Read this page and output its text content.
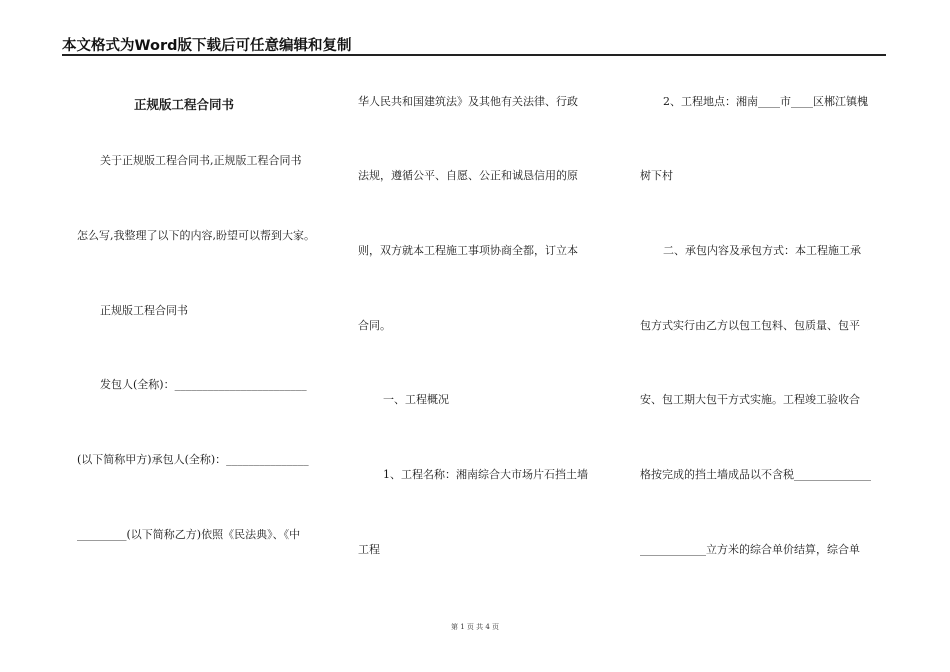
本文格式为Word版下载后可任意编辑和复制
正规版工程合同书
关于正规版工程合同书,正规版工程合同书
怎么写,我整理了以下的内容,盼望可以帮到大家。
正规版工程合同书
发包人(全称)：________________________
(以下简称甲方)承包人(全称)：_______________
_________(以下简称乙方)依照《民法典》、《中
华人民共和国建筑法》及其他有关法律、行政
法规，遵循公平、自愿、公正和诚恳信用的原
则，双方就本工程施工事项协商全都，订立本
合同。
一、工程概况
1、工程名称：湘南综合大市场片石挡土墙
工程
2、工程地点：湘南____市____区郴江镇槐
树下村
二、承包内容及承包方式：本工程施工承
包方式实行由乙方以包工包料、包质量、包平
安、包工期大包干方式实施。工程竣工验收合
格按完成的挡土墙成品以不含税______________
____________立方米的综合单价结算，综合单
第 1 页 共 4 页
